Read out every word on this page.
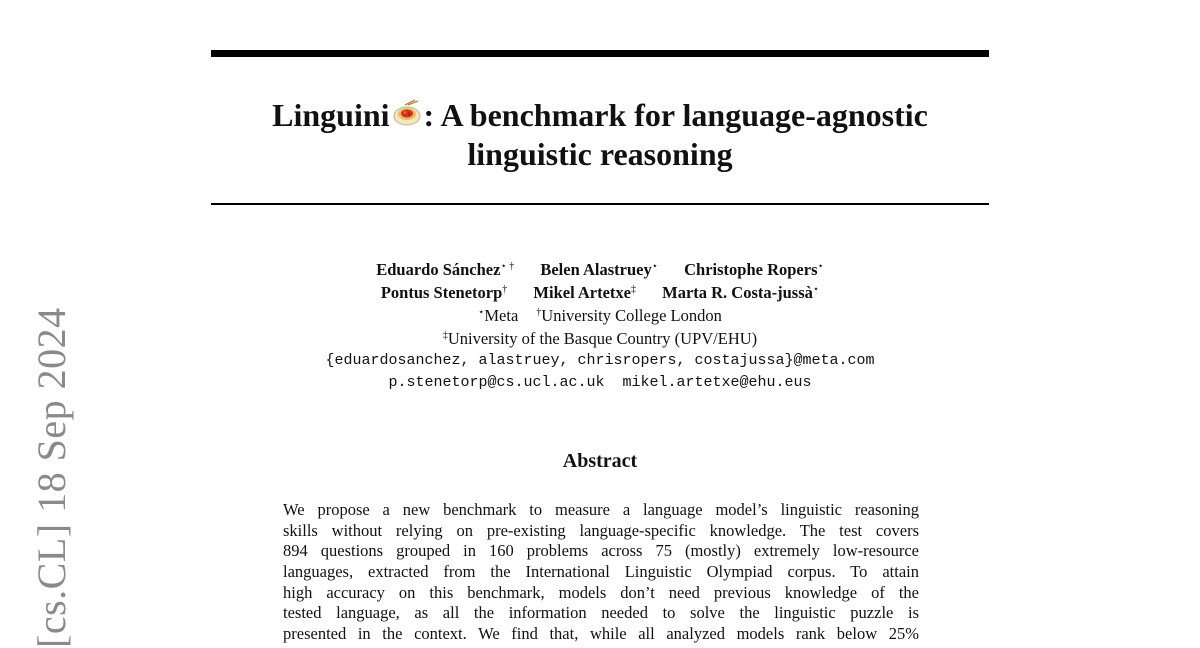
[cs.CL] 18 Sep 2024
Linguini : A benchmark for language-agnostic
linguistic reasoning
Eduardo Sánchez⋆ † Belen Alastruey⋆ Christophe Ropers⋆
Pontus Stenetorp† Mikel Artetxe‡ Marta R. Costa-jussà⋆
⋆Meta †University College London
‡University of the Basque Country (UPV/EHU)
{eduardosanchez, alastruey, chrisropers, costajussa}@meta.com
p.stenetorp@cs.ucl.ac.uk mikel.artetxe@ehu.eus
Abstract
We propose a new benchmark to measure a language model’s linguistic reasoning
skills without relying on pre-existing language-specific knowledge. The test covers
894 questions grouped in 160 problems across 75 (mostly) extremely low-resource
languages, extracted from the International Linguistic Olympiad corpus. To attain
high accuracy on this benchmark, models don’t need previous knowledge of the
tested language, as all the information needed to solve the linguistic puzzle is
presented in the context. We find that, while all analyzed models rank below 25%
